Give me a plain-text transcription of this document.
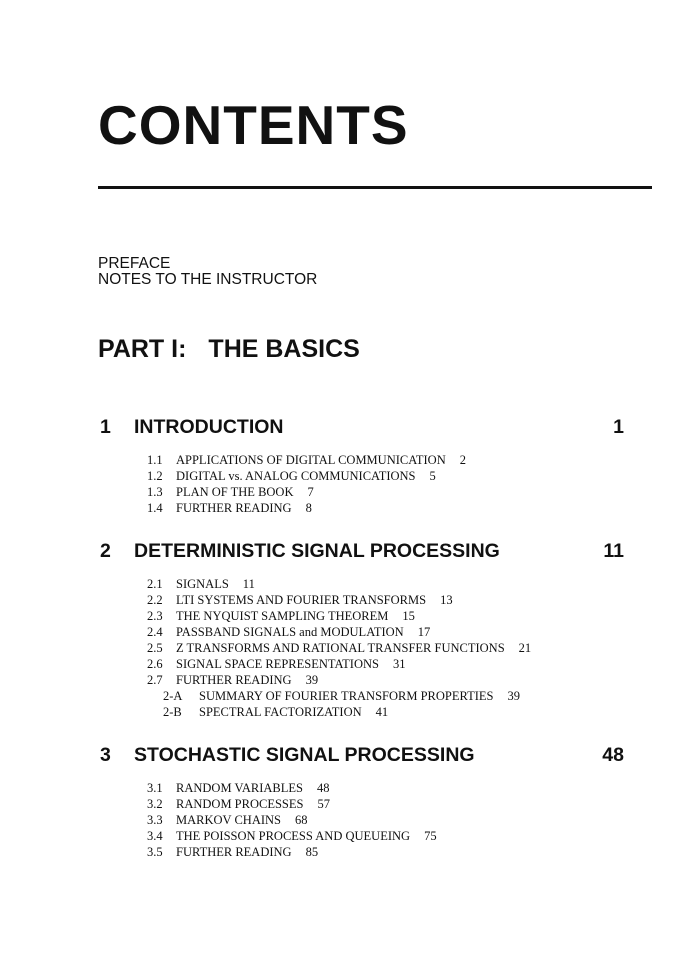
CONTENTS
PREFACE
NOTES TO THE INSTRUCTOR
PART I: THE BASICS
1 INTRODUCTION	1
1.1 APPLICATIONS OF DIGITAL COMMUNICATION 2
1.2 DIGITAL vs. ANALOG COMMUNICATIONS 5
1.3 PLAN OF THE BOOK 7
1.4 FURTHER READING 8
2 DETERMINISTIC SIGNAL PROCESSING	11
2.1 SIGNALS 11
2.2 LTI SYSTEMS AND FOURIER TRANSFORMS 13
2.3 THE NYQUIST SAMPLING THEOREM 15
2.4 PASSBAND SIGNALS and MODULATION 17
2.5 Z TRANSFORMS AND RATIONAL TRANSFER FUNCTIONS 21
2.6 SIGNAL SPACE REPRESENTATIONS 31
2.7 FURTHER READING 39
2-A SUMMARY OF FOURIER TRANSFORM PROPERTIES 39
2-B SPECTRAL FACTORIZATION 41
3 STOCHASTIC SIGNAL PROCESSING	48
3.1 RANDOM VARIABLES 48
3.2 RANDOM PROCESSES 57
3.3 MARKOV CHAINS 68
3.4 THE POISSON PROCESS AND QUEUEING 75
3.5 FURTHER READING 85
